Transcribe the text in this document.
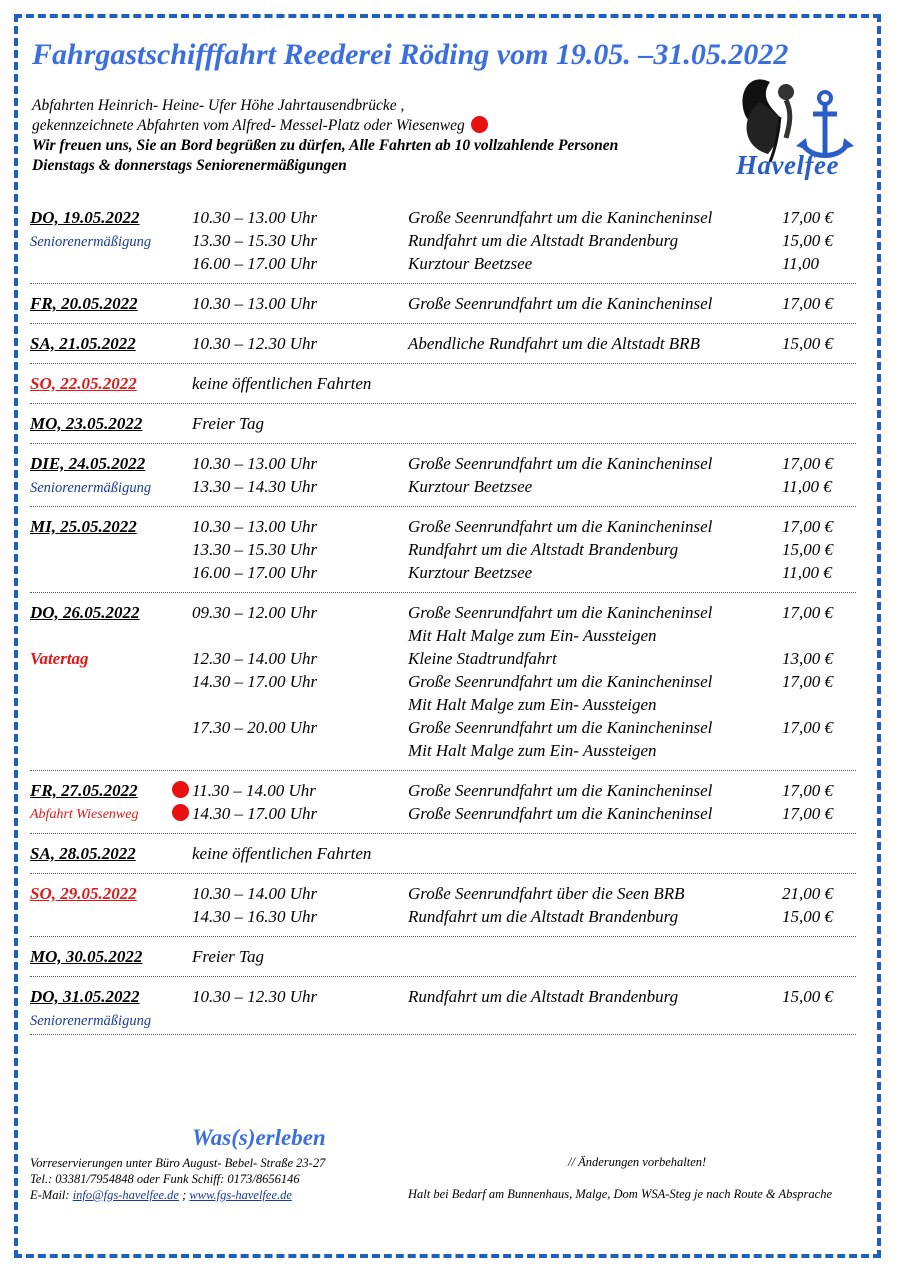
Fahrgastschifffahrt Reederei Röding vom 19.05. –31.05.2022
Abfahrten Heinrich- Heine- Ufer Höhe Jahrtausendbrücke ,
gekennzeichnete Abfahrten vom Alfred- Messel-Platz oder Wiesenweg
Wir freuen uns, Sie an Bord begrüßen zu dürfen, Alle Fahrten ab 10 vollzahlende Personen
Dienstags & donnerstags Seniorenermäßigungen	Havelfee
DO, 19.05.2022	10.30 – 13.00 Uhr	Große Seenrundfahrt um die Kanincheninsel	17,00 €
Seniorenermäßigung 13.30 – 15.30 Uhr	Rundfahrt um die Altstadt Brandenburg	15,00 €
16.00 – 17.00 Uhr	Kurztour Beetzsee	11,00
FR, 20.05.2022	10.30 – 13.00 Uhr	Große Seenrundfahrt um die Kanincheninsel	17,00 €
SA, 21.05.2022	10.30 – 12.30 Uhr	Abendliche Rundfahrt um die Altstadt BRB	15,00 €
SO, 22.05.2022	keine öffentlichen Fahrten
MO, 23.05.2022	Freier Tag
DIE, 24.05.2022	10.30 – 13.00 Uhr	Große Seenrundfahrt um die Kanincheninsel	17,00 €
Seniorenermäßigung 13.30 – 14.30 Uhr	Kurztour Beetzsee	11,00 €
MI, 25.05.2022	10.30 – 13.00 Uhr	Große Seenrundfahrt um die Kanincheninsel	17,00 €
13.30 – 15.30 Uhr	Rundfahrt um die Altstadt Brandenburg	15,00 €
16.00 – 17.00 Uhr	Kurztour Beetzsee	11,00 €
DO, 26.05.2022	09.30 – 12.00 Uhr	Große Seenrundfahrt um die Kanincheninsel	17,00 €
Mit Halt Malge zum Ein- Aussteigen
Vatertag	12.30 – 14.00 Uhr	Kleine Stadtrundfahrt	13,00 €
14.30 – 17.00 Uhr	Große Seenrundfahrt um die Kanincheninsel	17,00 €
Mit Halt Malge zum Ein- Aussteigen
17.30 – 20.00 Uhr	Große Seenrundfahrt um die Kanincheninsel	17,00 €
Mit Halt Malge zum Ein- Aussteigen
FR, 27.05.2022	11.30 – 14.00 Uhr	Große Seenrundfahrt um die Kanincheninsel	17,00 €
Abfahrt Wiesenweg	14.30 – 17.00 Uhr	Große Seenrundfahrt um die Kanincheninsel	17,00 €
SA, 28.05.2022	keine öffentlichen Fahrten
SO, 29.05.2022	10.30 – 14.00 Uhr	Große Seenrundfahrt über die Seen BRB	21,00 €
14.30 – 16.30 Uhr	Rundfahrt um die Altstadt Brandenburg	15,00 €
MO, 30.05.2022	Freier Tag
DO, 31.05.2022	10.30 – 12.30 Uhr	Rundfahrt um die Altstadt Brandenburg	15,00 €
Seniorenermäßigung
Was(s)erleben
Vorreservierungen unter Büro August- Bebel- Straße 23-27
Tel.: 03381/7954848 oder Funk Schiff: 0173/8656146
E-Mail: info@fgs-havelfee.de ; www.fgs-havelfee.de
// Änderungen vorbehalten!
Halt bei Bedarf am Bunnenhaus, Malge, Dom WSA-Steg je nach Route & Absprache
